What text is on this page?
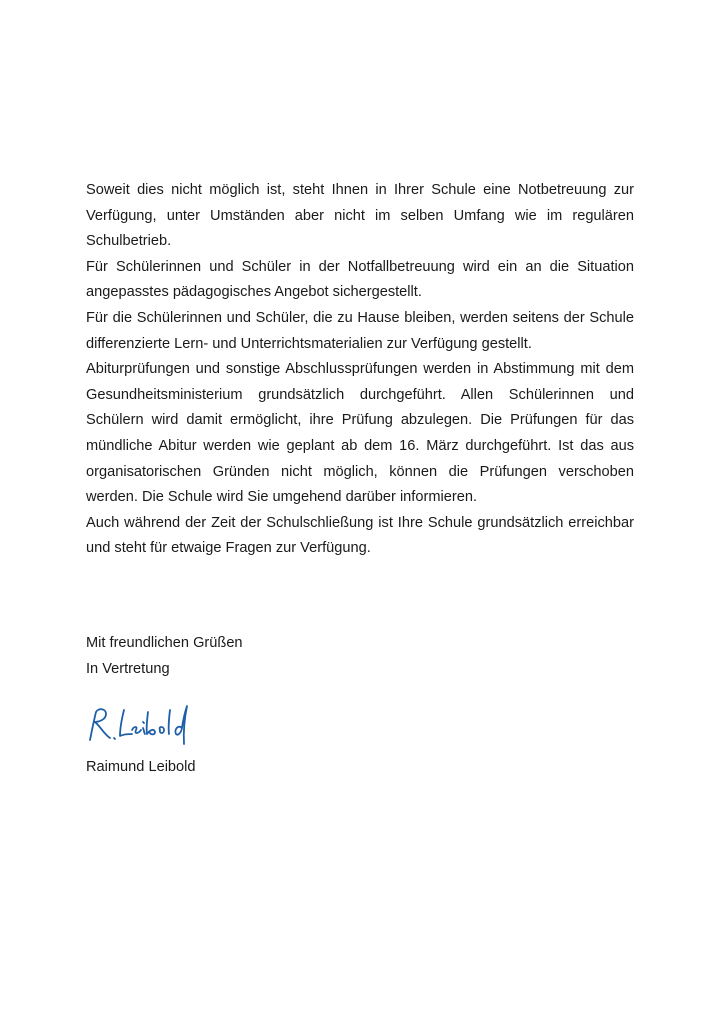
Soweit dies nicht möglich ist, steht Ihnen in Ihrer Schule eine Notbetreuung zur Verfügung, unter Umständen aber nicht im selben Umfang wie im regulären Schulbetrieb.

Für Schülerinnen und Schüler in der Notfallbetreuung wird ein an die Situation angepasstes pädagogisches Angebot sichergestellt.

Für die Schülerinnen und Schüler, die zu Hause bleiben, werden seitens der Schule differenzierte Lern- und Unterrichtsmaterialien zur Verfügung gestellt.

Abiturprüfungen und sonstige Abschlussprüfungen werden in Abstimmung mit dem Gesundheitsministerium grundsätzlich durchgeführt. Allen Schülerinnen und Schülern wird damit ermöglicht, ihre Prüfung abzulegen. Die Prüfungen für das mündliche Abitur werden wie geplant ab dem 16. März durchgeführt. Ist das aus organisatorischen Gründen nicht möglich, können die Prüfungen verschoben werden. Die Schule wird Sie umgehend darüber informieren.

Auch während der Zeit der Schulschließung ist Ihre Schule grundsätzlich erreichbar und steht für etwaige Fragen zur Verfügung.

Mit freundlichen Grüßen
In Vertretung
Raimund Leibold
